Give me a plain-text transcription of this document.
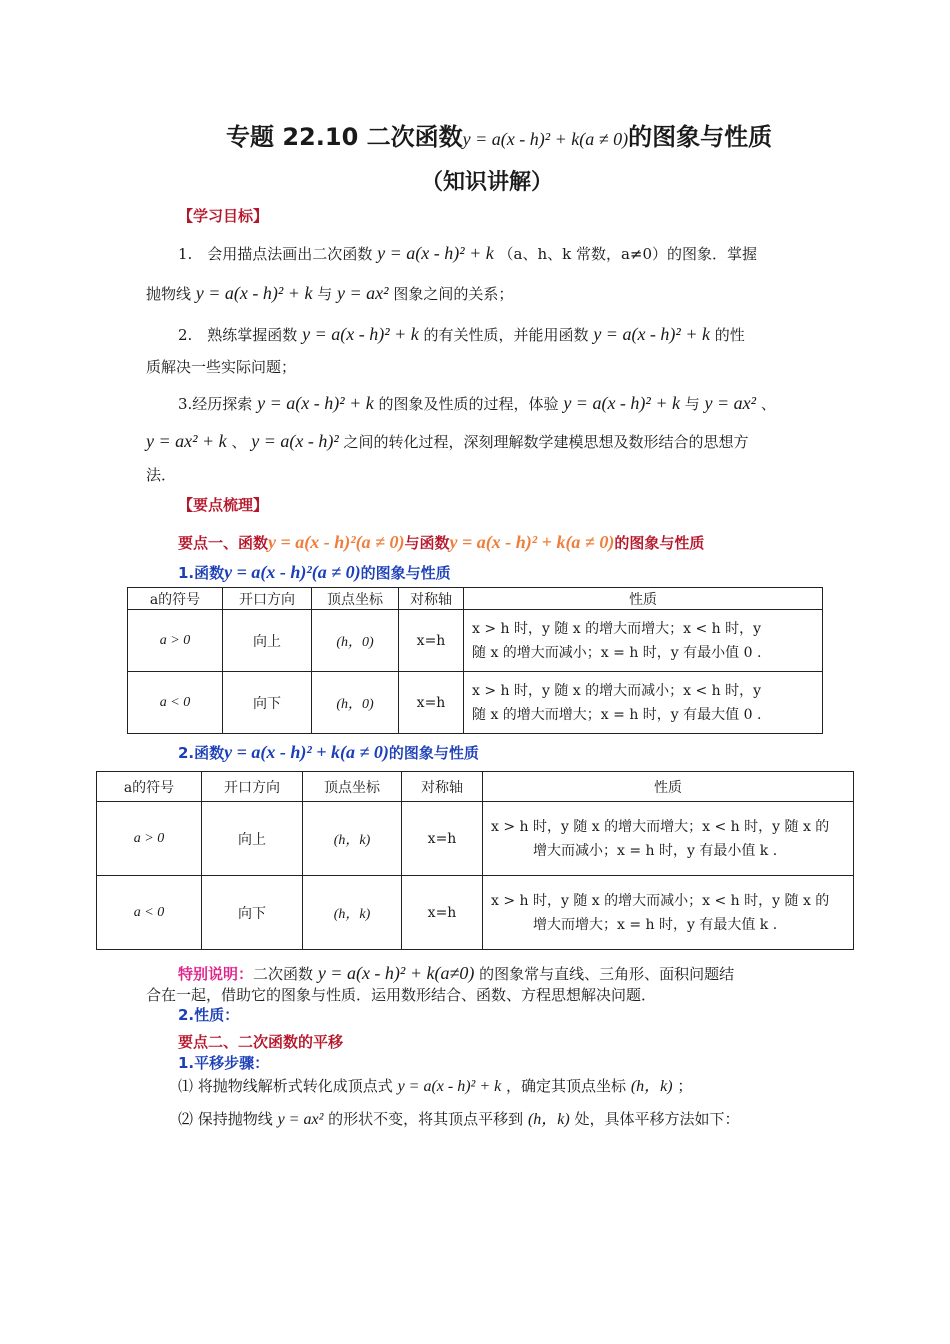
专题 22.10 二次函数y = a(x - h)² + k(a ≠ 0)的图象与性质
（知识讲解）
【学习目标】
1.　会用描点法画出二次函数 y = a(x - h)² + k （a、h、k 常数，a≠0）的图象．掌握
抛物线 y = a(x - h)² + k 与 y = ax² 图象之间的关系；
2.　熟练掌握函数 y = a(x - h)² + k 的有关性质，并能用函数 y = a(x - h)² + k 的性
质解决一些实际问题；
3.经历探索 y = a(x - h)² + k 的图象及性质的过程，体验 y = a(x - h)² + k 与 y = ax² 、
y = ax² + k 、 y = a(x - h)² 之间的转化过程，深刻理解数学建模思想及数形结合的思想方
法．
【要点梳理】
要点一、函数y = a(x - h)²(a ≠ 0)与函数y = a(x - h)² + k(a ≠ 0)的图象与性质
1.函数y = a(x - h)²(a ≠ 0)的图象与性质
a的符号	开口方向	顶点坐标	对称轴	性质
a > 0	向上	(h，0)	x=h	x > h 时，y 随 x 的增大而增大；x < h 时，y
随 x 的增大而减小；x = h 时，y 有最小值 0 .

a < 0	向下	(h，0)	x=h	x > h 时，y 随 x 的增大而减小；x < h 时，y
随 x 的增大而增大；x = h 时，y 有最大值 0 .
2.函数y = a(x - h)² + k(a ≠ 0)的图象与性质
a的符号	开口方向	顶点坐标	对称轴	性质
a > 0	向上	(h，k)	x=h	x > h 时，y 随 x 的增大而增大；x < h 时，y 随 x 的
增大而减小；x = h 时，y 有最小值 k .

a < 0	向下	(h，k)	x=h	x > h 时，y 随 x 的增大而减小；x < h 时，y 随 x 的
增大而增大；x = h 时，y 有最大值 k .
特别说明：二次函数 y = a(x - h)² + k(a≠0) 的图象常与直线、三角形、面积问题结
合在一起，借助它的图象与性质．运用数形结合、函数、方程思想解决问题．
2.性质：
要点二、二次函数的平移
1.平移步骤：
⑴ 将抛物线解析式转化成顶点式 y = a(x - h)² + k ，确定其顶点坐标 (h，k) ；
⑵ 保持抛物线 y = ax² 的形状不变，将其顶点平移到 (h，k) 处，具体平移方法如下：
